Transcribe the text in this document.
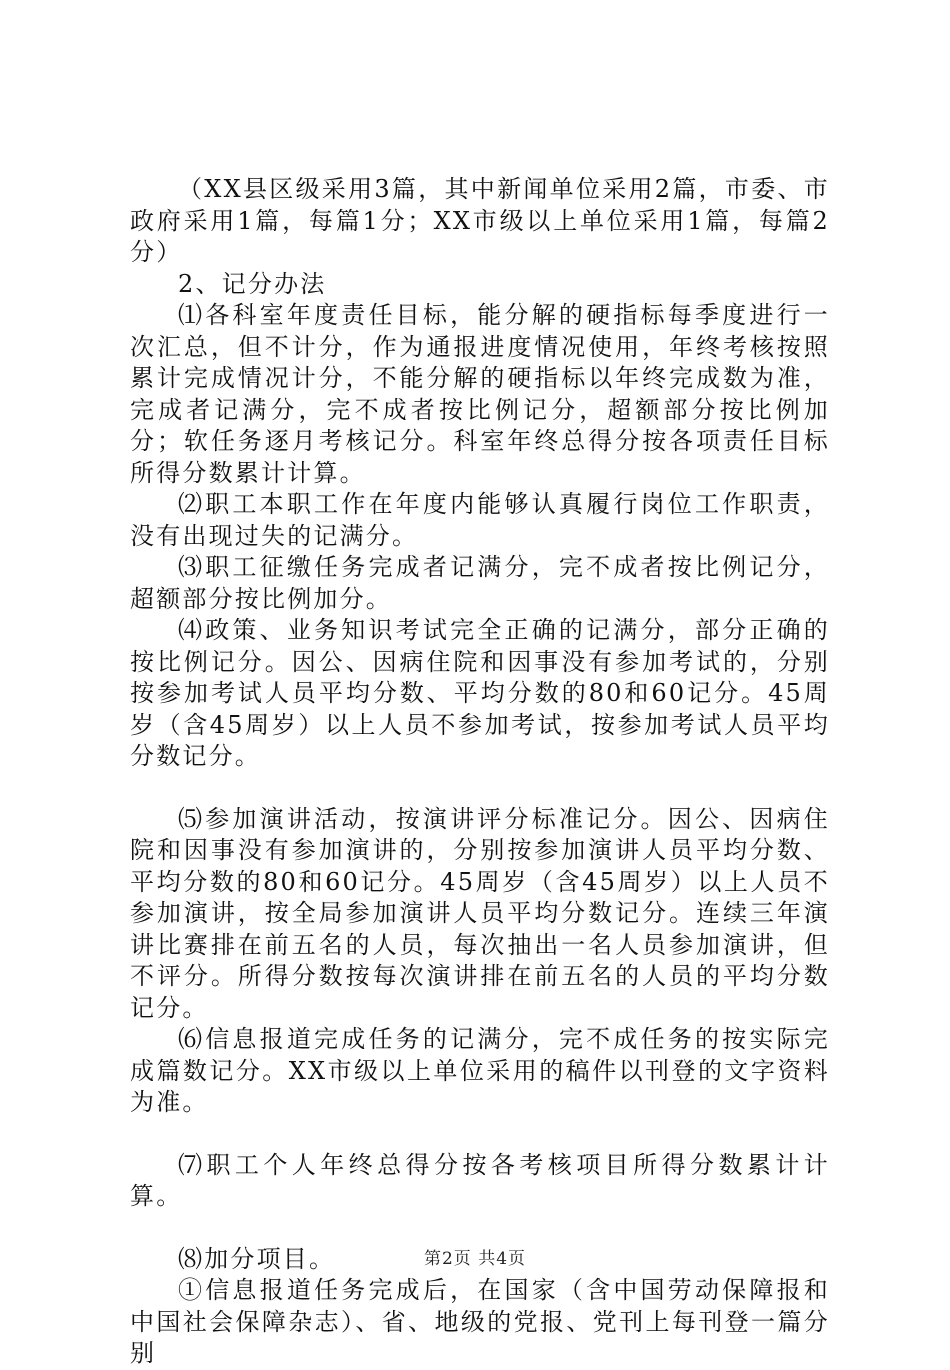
（XX县区级采用3篇，其中新闻单位采用2篇，市委、市政府采用1篇，每篇1分；XX市级以上单位采用1篇，每篇2分）

2、记分办法

⑴各科室年度责任目标，能分解的硬指标每季度进行一次汇总，但不计分，作为通报进度情况使用，年终考核按照累计完成情况计分，不能分解的硬指标以年终完成数为准，完成者记满分，完不成者按比例记分，超额部分按比例加分；软任务逐月考核记分。科室年终总得分按各项责任目标所得分数累计计算。

⑵职工本职工作在年度内能够认真履行岗位工作职责，没有出现过失的记满分。

⑶职工征缴任务完成者记满分，完不成者按比例记分，超额部分按比例加分。

⑷政策、业务知识考试完全正确的记满分，部分正确的按比例记分。因公、因病住院和因事没有参加考试的，分别按参加考试人员平均分数、平均分数的80和60记分。45周岁（含45周岁）以上人员不参加考试，按参加考试人员平均分数记分。

⑸参加演讲活动，按演讲评分标准记分。因公、因病住院和因事没有参加演讲的，分别按参加演讲人员平均分数、平均分数的80和60记分。45周岁（含45周岁）以上人员不参加演讲，按全局参加演讲人员平均分数记分。连续三年演讲比赛排在前五名的人员，每次抽出一名人员参加演讲，但不评分。所得分数按每次演讲排在前五名的人员的平均分数记分。

⑹信息报道完成任务的记满分，完不成任务的按实际完成篇数记分。XX市级以上单位采用的稿件以刊登的文字资料为准。

⑺职工个人年终总得分按各考核项目所得分数累计计算。

⑻加分项目。

①信息报道任务完成后，在国家（含中国劳动保障报和中国社会保障杂志）、省、地级的党报、党刊上每刊登一篇分别

第2页 共4页
